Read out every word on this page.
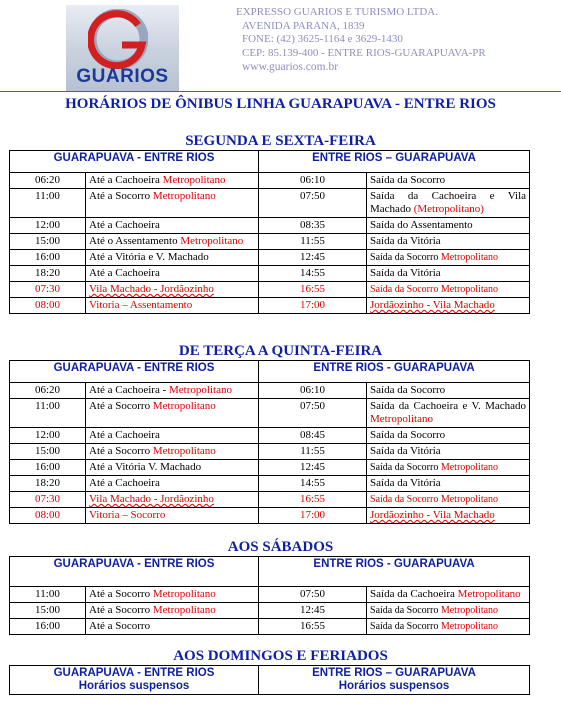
GUARIOS
EXPRESSO GUARIOS E TURISMO LTDA.
AVENIDA PARANA, 1839
FONE: (42) 3625-1164 e 3629-1430
CEP: 85.139-400 - ENTRE RIOS-GUARAPUAVA-PR
www.guarios.com.br
HORÁRIOS DE ÔNIBUS LINHA GUARAPUAVA - ENTRE RIOS
SEGUNDA E SEXTA-FEIRA
GUARAPUAVA - ENTRE RIOS		ENTRE RIOS – GUARAPUAVA	
06:20	Até a Cachoeira Metropolitano	06:10	Saída da Socorro
11:00	Até a Socorro Metropolitano	07:50	Saída da Cachoeira e Vila Machado (Metropolitano)
12:00	Até a Cachoeira	08:35	Saída do Assentamento
15:00	Até o Assentamento Metropolitano	11:55	Saída da Vitória
16:00	Até a Vitória e V. Machado	12:45	Saída da Socorro Metropolitano
18:20	Até a Cachoeira	14:55	Saída da Vitória
07:30	Vila Machado - Jordãozinho	16:55	Saída da Socorro Metropolitano
08:00	Vitoria – Assentamento	17:00	Jordãozinho - Vila Machado
DE TERÇA A QUINTA-FEIRA
GUARAPUAVA - ENTRE RIOS		ENTRE RIOS - GUARAPUAVA	
06:20	Até a Cachoeira - Metropolitano	06:10	Saída da Socorro
11:00	Até a Socorro Metropolitano	07:50	Saída da Cachoeira e V. Machado Metropolitano
12:00	Até a Cachoeira	08:45	Saída da Socorro
15:00	Até a Socorro Metropolitano	11:55	Saída da Vitória
16:00	Até a Vitória V. Machado	12:45	Saída da Socorro Metropolitano
18:20	Até a Cachoeira	14:55	Saída da Vitória
07:30	Vila Machado - Jordãozinho	16:55	Saída da Socorro Metropolitano
08:00	Vitoria – Socorro	17:00	Jordãozinho - Vila Machado
AOS SÁBADOS
GUARAPUAVA - ENTRE RIOS		ENTRE RIOS - GUARAPUAVA	
11:00	Até a Socorro Metropolitano	07:50	Saída da Cachoeira Metropolitano
15:00	Até a Socorro Metropolitano	12:45	Saída da Socorro Metropolitano
16:00	Até a Socorro	16:55	Saída da Socorro Metropolitano
AOS DOMINGOS E FERIADOS
GUARAPUAVA - ENTRE RIOS
Horários suspensos

ENTRE RIOS – GUARAPUAVA
Horários suspensos
